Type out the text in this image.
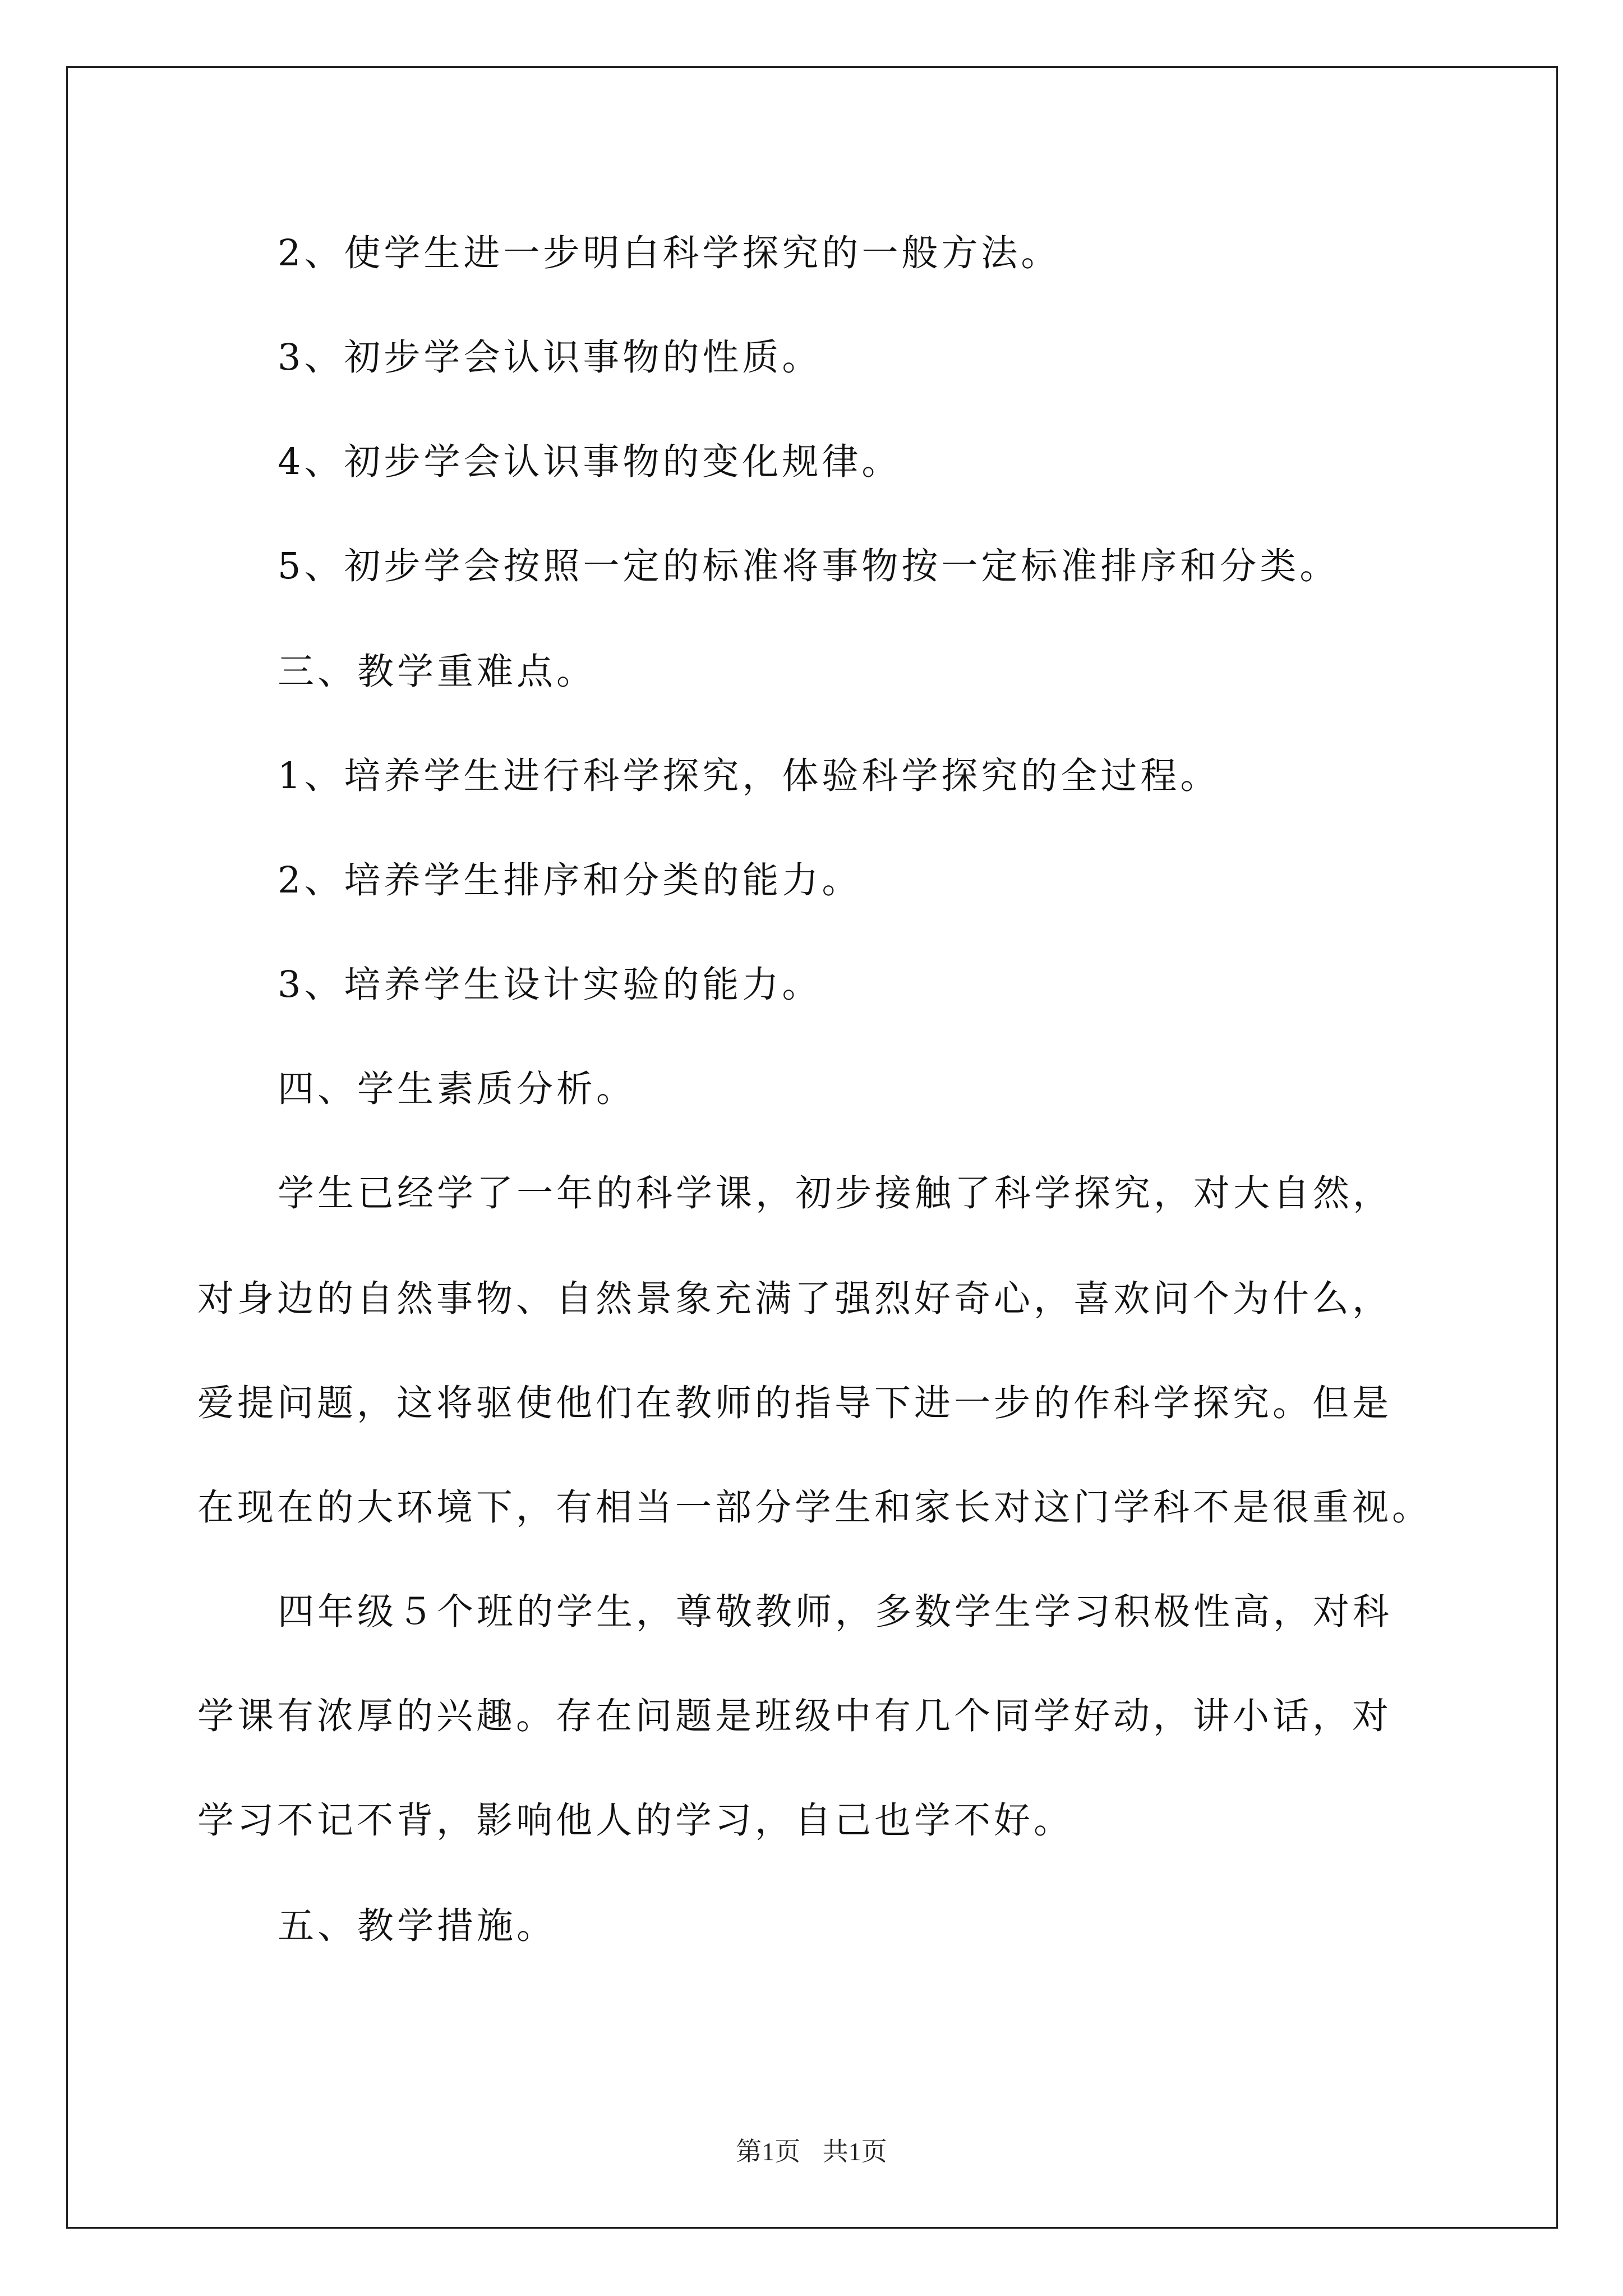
2、使学生进一步明白科学探究的一般方法。
3、初步学会认识事物的性质。
4、初步学会认识事物的变化规律。
5、初步学会按照一定的标准将事物按一定标准排序和分类。
三、教学重难点。
1、培养学生进行科学探究，体验科学探究的全过程。
2、培养学生排序和分类的能力。
3、培养学生设计实验的能力。
四、学生素质分析。
学生已经学了一年的科学课，初步接触了科学探究，对大自然，
对身边的自然事物、自然景象充满了强烈好奇心，喜欢问个为什么，
爱提问题，这将驱使他们在教师的指导下进一步的作科学探究。但是
在现在的大环境下，有相当一部分学生和家长对这门学科不是很重视。
四年级５个班的学生，尊敬教师，多数学生学习积极性高，对科
学课有浓厚的兴趣。存在问题是班级中有几个同学好动，讲小话，对
学习不记不背，影响他人的学习，自己也学不好。
五、教学措施。
第1页 共1页
